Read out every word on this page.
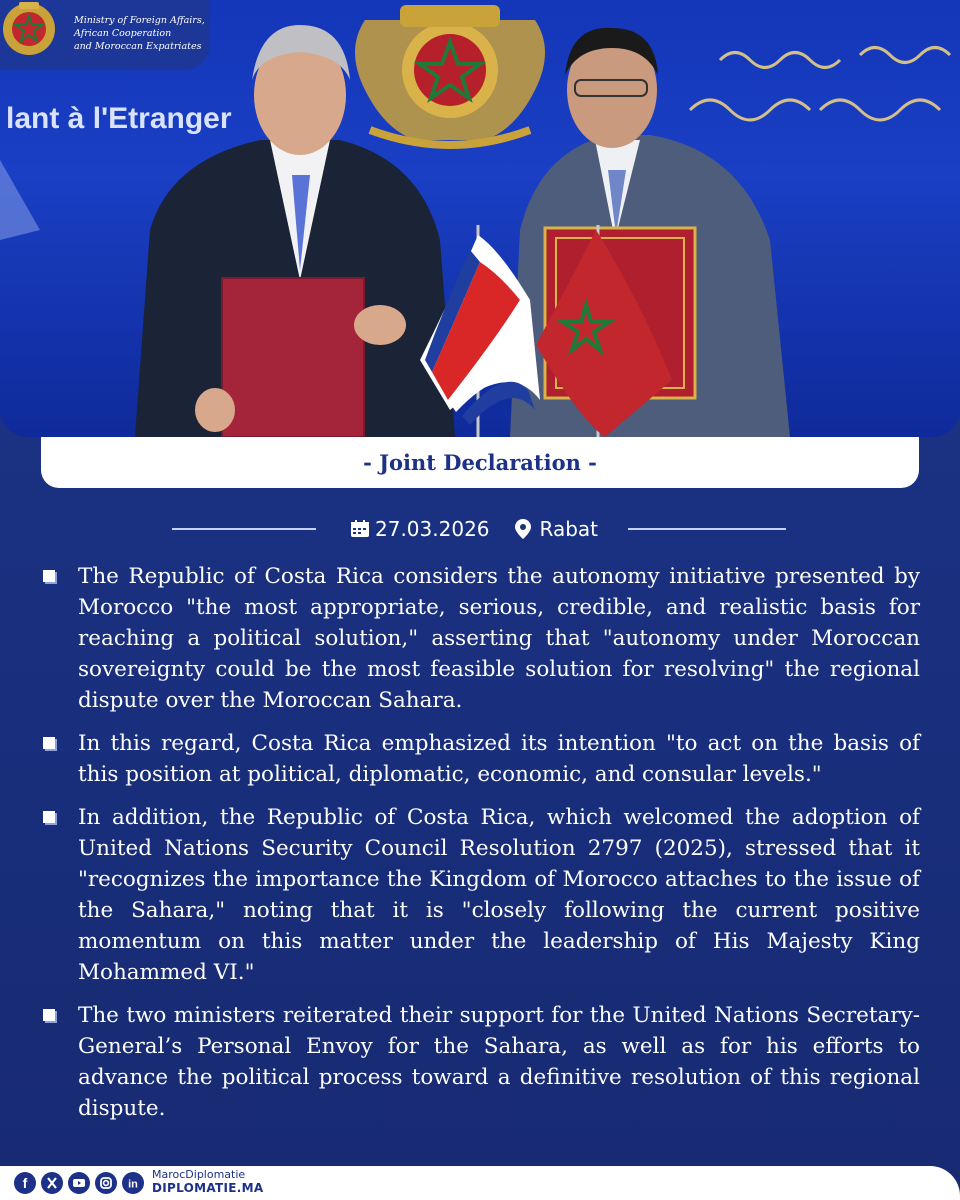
lant à l'Etranger
Ministry of Foreign Affairs,
African Cooperation
and Moroccan Expatriates
- Joint Declaration -
27.03.2026	Rabat
The Republic of Costa Rica considers the autonomy initiative presented by Morocco "the most appropriate, serious, credible, and realistic basis for reaching a political solution," asserting that "autonomy under Moroccan sovereignty could be the most feasible solution for resolving" the regional dispute over the Moroccan Sahara.
In this regard, Costa Rica emphasized its intention "to act on the basis of this position at political, diplomatic, economic, and consular levels."
In addition, the Republic of Costa Rica, which welcomed the adoption of United Nations Security Council Resolution 2797 (2025), stressed that it "recognizes the importance the Kingdom of Morocco attaches to the issue of the Sahara," noting that it is "closely following the current positive momentum on this matter under the leadership of His Majesty King Mohammed VI."
The two ministers reiterated their support for the United Nations Secretary-General’s Personal Envoy for the Sahara, as well as for his efforts to advance the political process toward a definitive resolution of this regional dispute.
f	in
MarocDiplomatie
DIPLOMATIE.MA
